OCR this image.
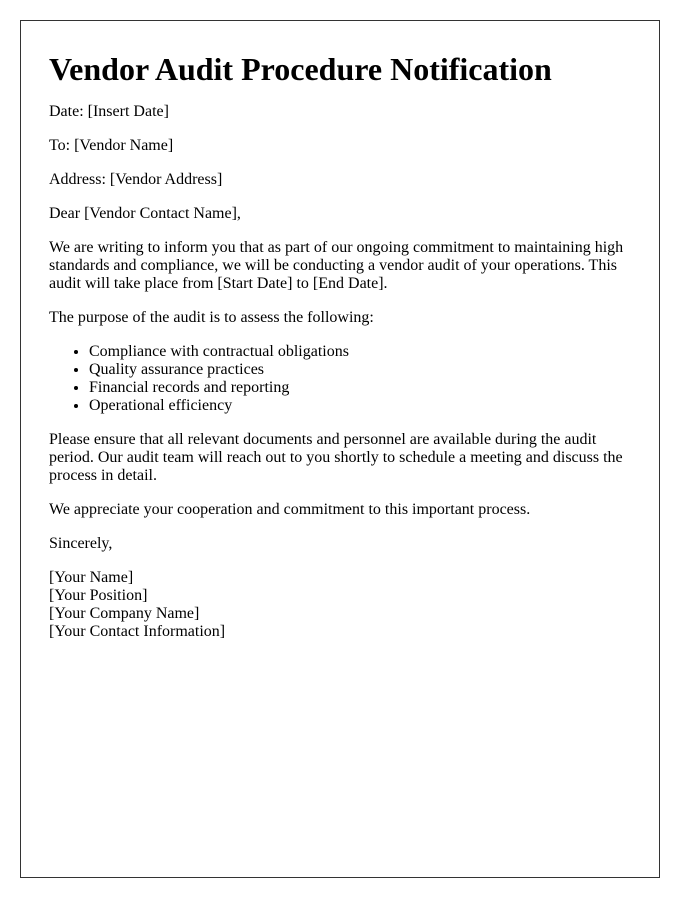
Vendor Audit Procedure Notification

Date: [Insert Date]

To: [Vendor Name]

Address: [Vendor Address]

Dear [Vendor Contact Name],

We are writing to inform you that as part of our ongoing commitment to maintaining high standards and compliance, we will be conducting a vendor audit of your operations. This audit will take place from [Start Date] to [End Date].

The purpose of the audit is to assess the following:

• Compliance with contractual obligations
• Quality assurance practices
• Financial records and reporting
• Operational efficiency

Please ensure that all relevant documents and personnel are available during the audit period. Our audit team will reach out to you shortly to schedule a meeting and discuss the process in detail.

We appreciate your cooperation and commitment to this important process.

Sincerely,

[Your Name]
[Your Position]
[Your Company Name]
[Your Contact Information]
